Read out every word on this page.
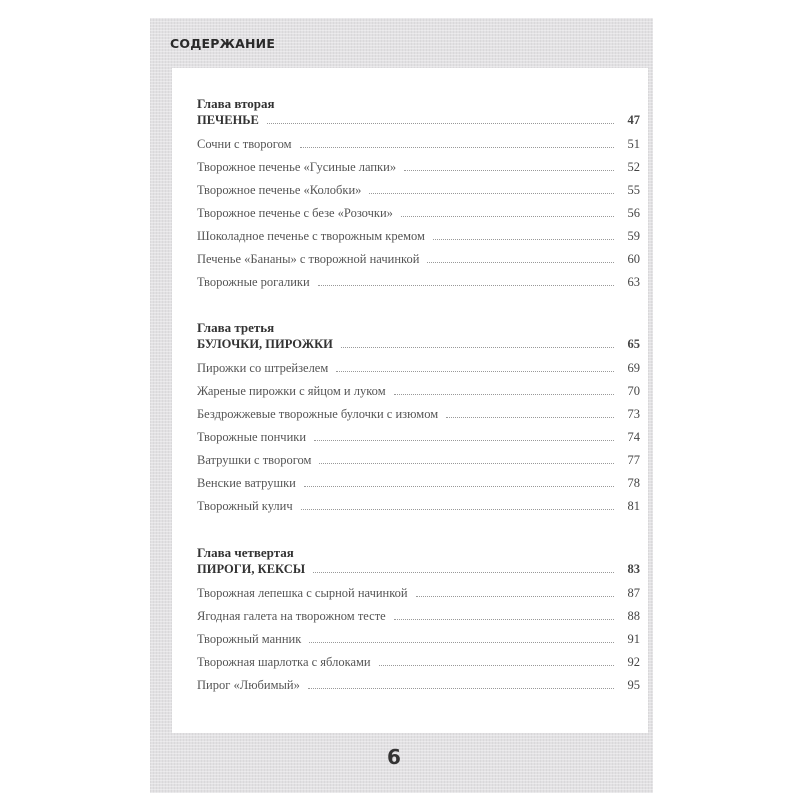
СОДЕРЖАНИЕ
Глава вторая
ПЕЧЕНЬЕ	47
Сочни с творогом	51
Творожное печенье «Гусиные лапки»	52
Творожное печенье «Колобки»	55
Творожное печенье с безе «Розочки»	56
Шоколадное печенье с творожным кремом	59
Печенье «Бананы» с творожной начинкой	60
Творожные рогалики	63
Глава третья
БУЛОЧКИ, ПИРОЖКИ	65
Пирожки со штрейзелем	69
Жареные пирожки с яйцом и луком	70
Бездрожжевые творожные булочки с изюмом	73
Творожные пончики	74
Ватрушки с творогом	77
Венские ватрушки	78
Творожный кулич	81
Глава четвертая
ПИРОГИ, КЕКСЫ	83
Творожная лепешка с сырной начинкой	87
Ягодная галета на творожном тесте	88
Творожный манник	91
Творожная шарлотка с яблоками	92
Пирог «Любимый»	95
6
